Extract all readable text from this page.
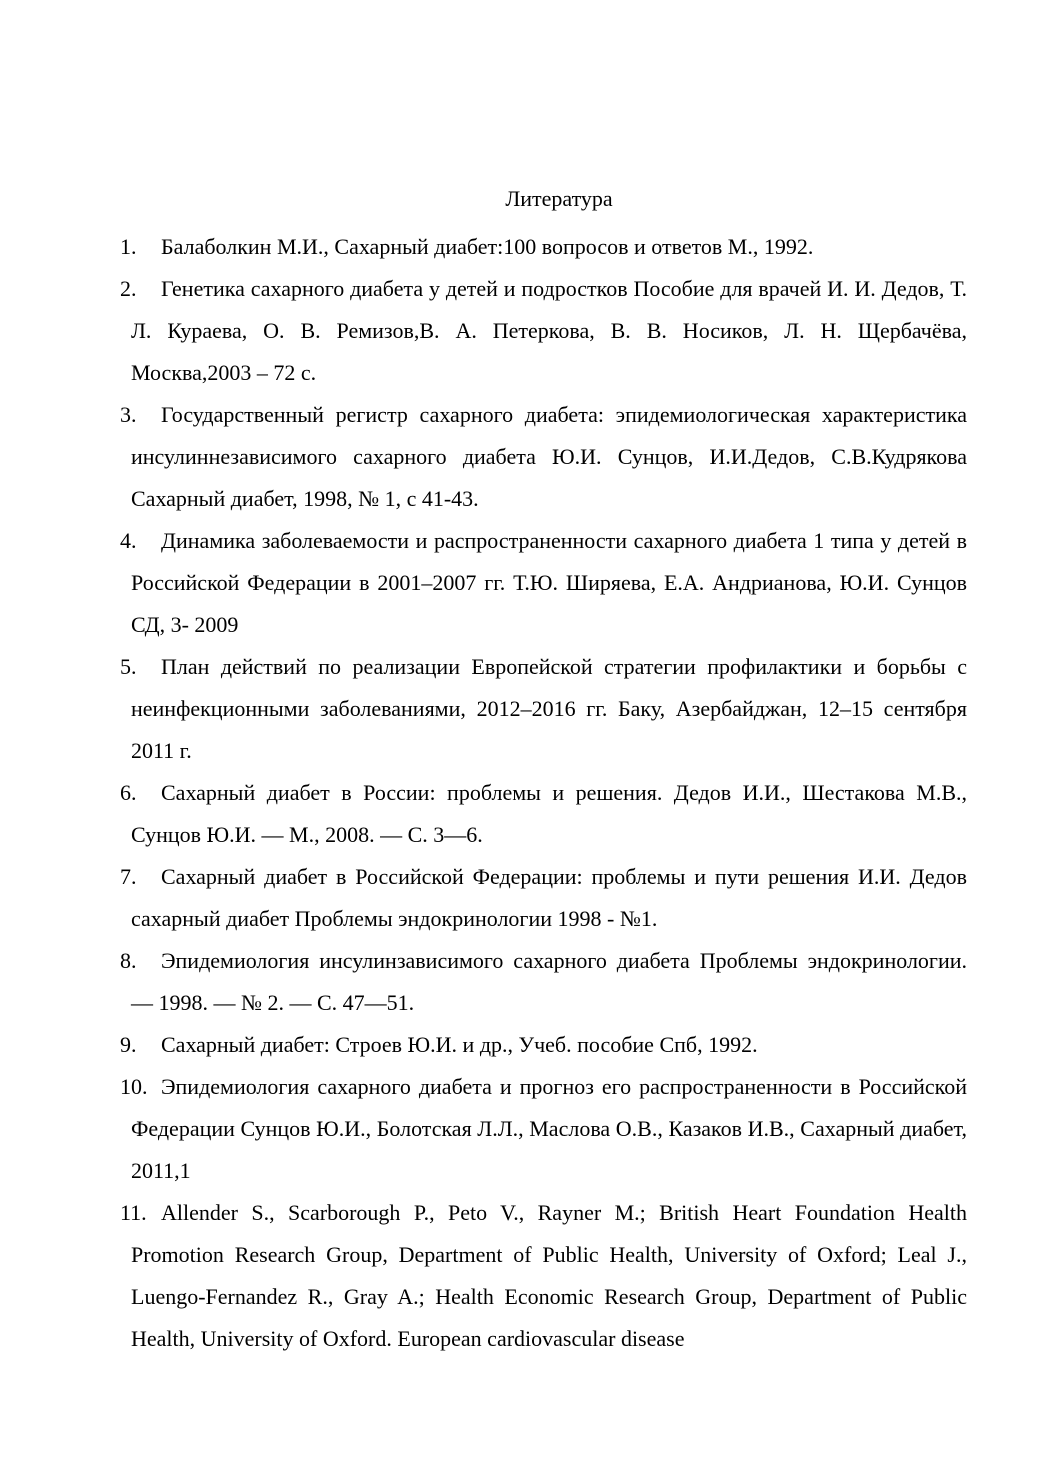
Литература
1. Балаболкин М.И., Сахарный диабет:100 вопросов и ответов М., 1992.
2. Генетика сахарного диабета у детей и подростков Пособие для врачей И. И. Дедов, Т. Л. Кураева, О. В. Ремизов,В. А. Петеркова, В. В. Носиков, Л. Н. Щербачёва, Москва,2003 – 72 с.
3. Государственный регистр сахарного диабета: эпидемиологическая характеристика инсулиннезависимого сахарного диабета Ю.И. Сунцов, И.И.Дедов, С.В.Кудрякова Сахарный диабет, 1998, № 1, с 41-43.
4. Динамика заболеваемости и распространенности сахарного диабета 1 типа у детей в Российской Федерации в 2001–2007 гг. Т.Ю. Ширяева, Е.А. Андрианова, Ю.И. Сунцов СД, 3- 2009
5. План действий по реализации Европейской стратегии профилактики и борьбы с неинфекционными заболеваниями, 2012–2016 гг. Баку, Азербайджан, 12–15 сентября 2011 г.
6. Сахарный диабет в России: проблемы и решения. Дедов И.И., Шестакова М.В., Сунцов Ю.И. — М., 2008. — С. 3—6.
7. Сахарный диабет в Российской Федерации: проблемы и пути решения И.И. Дедов сахарный диабет Проблемы эндокринологии 1998 - №1.
8. Эпидемиология инсулинзависимого сахарного диабета Проблемы эндокринологии. — 1998. — № 2. — С. 47—51.
9. Сахарный диабет: Строев Ю.И. и др., Учеб. пособие Спб, 1992.
10. Эпидемиология сахарного диабета и прогноз его распространенности в Российской Федерации Сунцов Ю.И., Болотская Л.Л., Маслова О.В., Казаков И.В., Сахарный диабет, 2011,1
11. Allender S., Scarborough P., Peto V., Rayner M.; British Heart Foundation Health Promotion Research Group, Department of Public Health, University of Oxford; Leal J., Luengo-Fernandez R., Gray A.; Health Economic Research Group, Department of Public Health, University of Oxford. European cardiovascular disease
